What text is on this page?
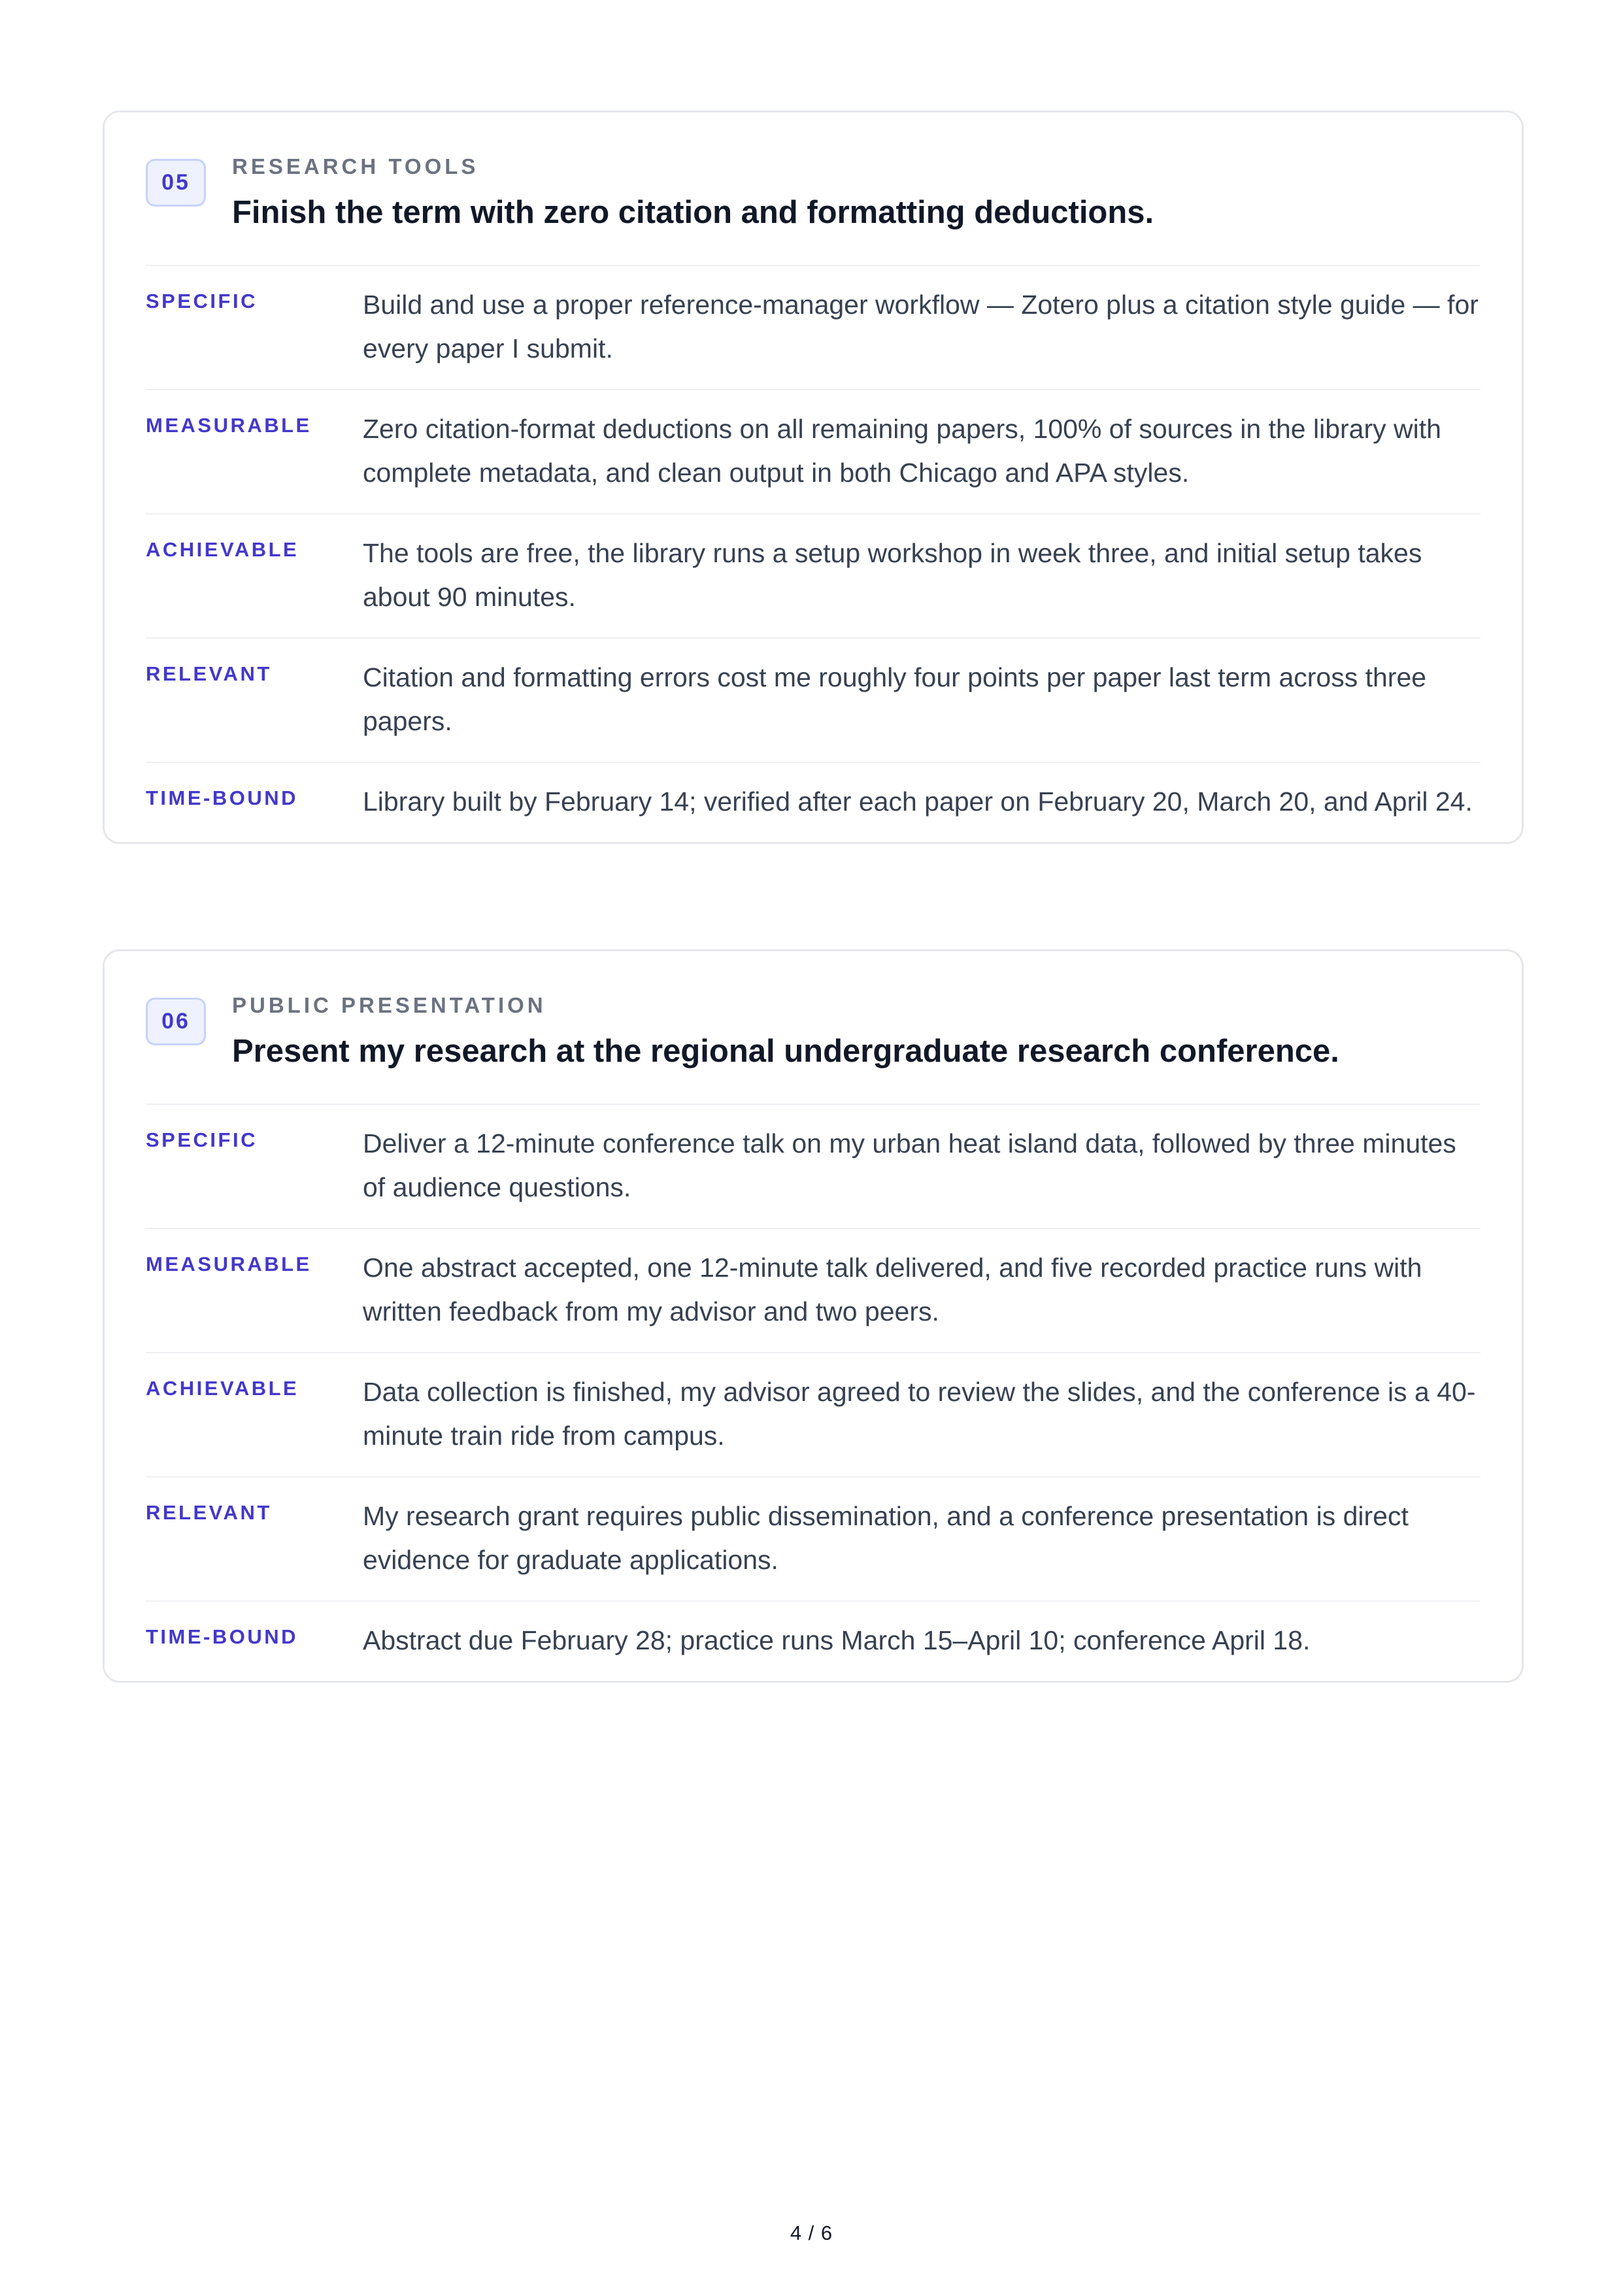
05
RESEARCH TOOLS
Finish the term with zero citation and formatting deductions.
SPECIFIC	Build and use a proper reference-manager workflow — Zotero plus a citation style guide — for every paper I submit.
MEASURABLE	Zero citation-format deductions on all remaining papers, 100% of sources in the library with complete metadata, and clean output in both Chicago and APA styles.
ACHIEVABLE	The tools are free, the library runs a setup workshop in week three, and initial setup takes about 90 minutes.
RELEVANT	Citation and formatting errors cost me roughly four points per paper last term across three papers.
TIME-BOUND	Library built by February 14; verified after each paper on February 20, March 20, and April 24.
06
PUBLIC PRESENTATION
Present my research at the regional undergraduate research conference.
SPECIFIC	Deliver a 12-minute conference talk on my urban heat island data, followed by three minutes of audience questions.
MEASURABLE	One abstract accepted, one 12-minute talk delivered, and five recorded practice runs with written feedback from my advisor and two peers.
ACHIEVABLE	Data collection is finished, my advisor agreed to review the slides, and the conference is a 40-minute train ride from campus.
RELEVANT	My research grant requires public dissemination, and a conference presentation is direct evidence for graduate applications.
TIME-BOUND	Abstract due February 28; practice runs March 15–April 10; conference April 18.
4 / 6
